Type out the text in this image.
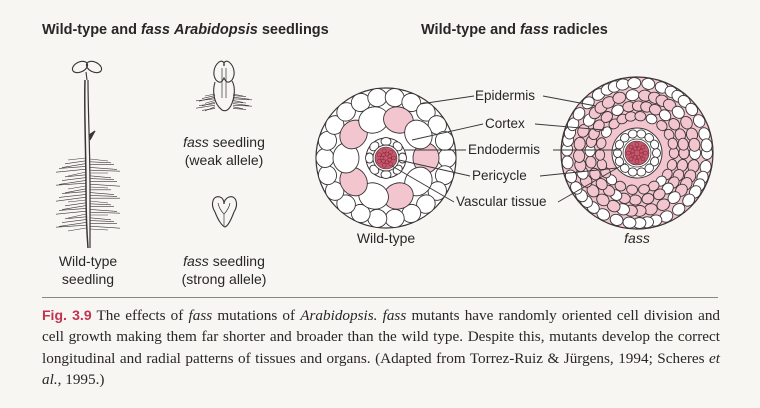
Wild-type and fass Arabidopsis seedlings	Wild-type and fass radicles
Wild-type
seedling
fass seedling
(weak allele)
fass seedling
(strong allele)
Epidermis
Cortex
Endodermis
Pericycle
Vascular tissue
Wild-type	fass
Fig. 3.9 The effects of fass mutations of Arabidopsis. fass mutants have randomly oriented cell division and cell growth making them far shorter and broader than the wild type. Despite this, mutants develop the correct longitudinal and radial patterns of tissues and organs. (Adapted from Torrez-Ruiz & Jürgens, 1994; Scheres et al., 1995.)
